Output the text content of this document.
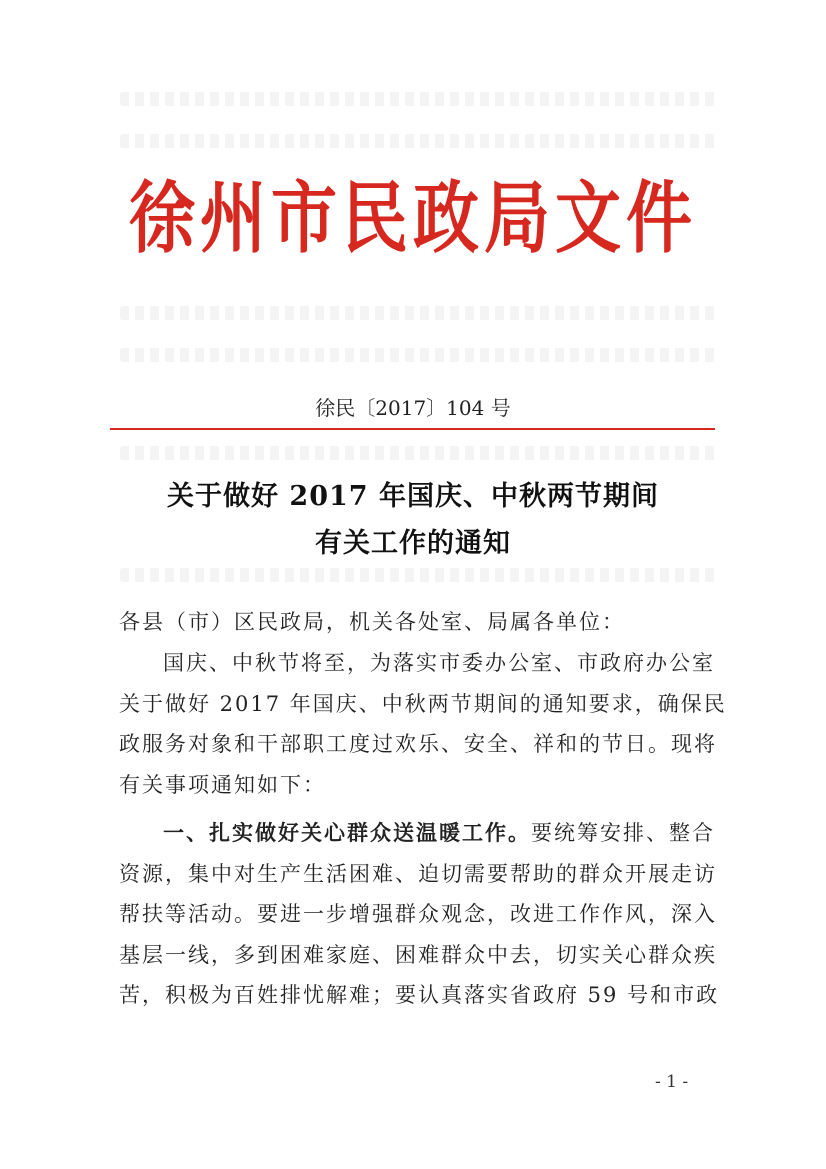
徐州市民政局文件
徐民〔2017〕104 号
关于做好 2017 年国庆、中秋两节期间
有关工作的通知
各县（市）区民政局，机关各处室、局属各单位：
国庆、中秋节将至，为落实市委办公室、市政府办公室
关于做好 2017 年国庆、中秋两节期间的通知要求，确保民
政服务对象和干部职工度过欢乐、安全、祥和的节日。现将
有关事项通知如下：
一、扎实做好关心群众送温暖工作。要统筹安排、整合
资源，集中对生产生活困难、迫切需要帮助的群众开展走访
帮扶等活动。要进一步增强群众观念，改进工作作风，深入
基层一线，多到困难家庭、困难群众中去，切实关心群众疾
苦，积极为百姓排忧解难；要认真落实省政府 59 号和市政
- 1 -
